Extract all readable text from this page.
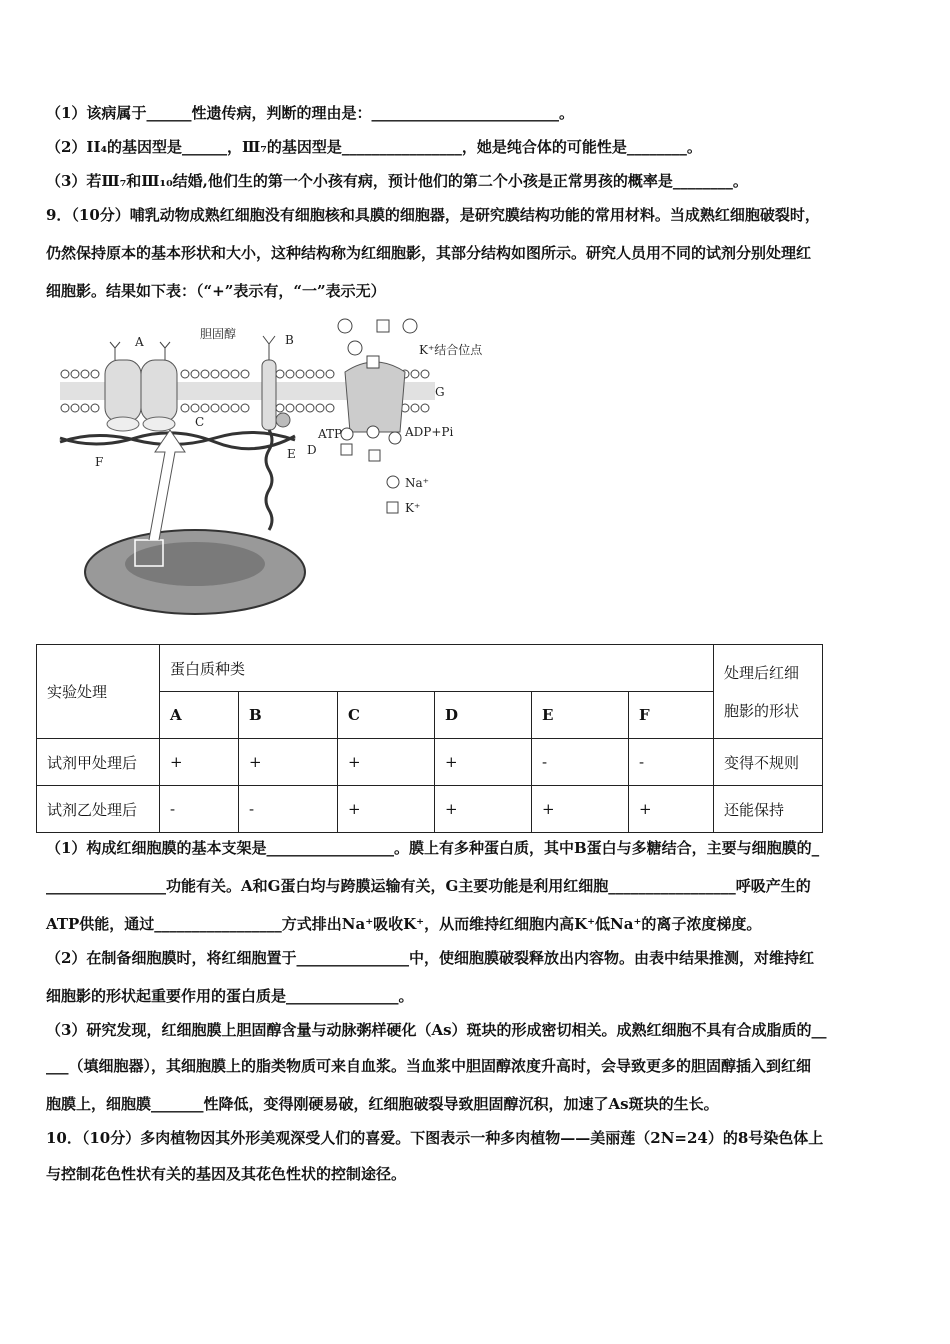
（1）该病属于______性遗传病，判断的理由是：_________________________。
（2）II₄的基因型是______，Ⅲ₇的基因型是________________，她是纯合体的可能性是________。
（3）若Ⅲ₇和Ⅲ₁₀结婚,他们生的第一个小孩有病，预计他们的第二个小孩是正常男孩的概率是________。
9．（10分）哺乳动物成熟红细胞没有细胞核和具膜的细胞器，是研究膜结构功能的常用材料。当成熟红细胞破裂时，
仍然保持原本的基本形状和大小，这种结构称为红细胞影，其部分结构如图所示。研究人员用不同的试剂分别处理红
细胞影。结果如下表：（“+”表示有，“一”表示无）
A
胆固醇	B
K⁺结合位点
G
C
ATP	ADP+Pi
F
E D
Na⁺
K⁺
实验处理	蛋白质种类						处理后红细
胞影的形状
	A	B	C	D	E	F	
试剂甲处理后	+	+	+	+	-	-	变得不规则
试剂乙处理后	-	-	+	+	+	+	还能保持
（1）构成红细胞膜的基本支架是_________________。膜上有多种蛋白质，其中B蛋白与多糖结合，主要与细胞膜的_
________________功能有关。A和G蛋白均与跨膜运输有关，G主要功能是利用红细胞_________________呼吸产生的
ATP供能，通过_________________方式排出Na⁺吸收K⁺，从而维持红细胞内高K⁺低Na⁺的离子浓度梯度。
（2）在制备细胞膜时，将红细胞置于_______________中，使细胞膜破裂释放出内容物。由表中结果推测，对维持红
细胞影的形状起重要作用的蛋白质是_______________。
（3）研究发现，红细胞膜上胆固醇含量与动脉粥样硬化（As）斑块的形成密切相关。成熟红细胞不具有合成脂质的__
___（填细胞器），其细胞膜上的脂类物质可来自血浆。当血浆中胆固醇浓度升高时，会导致更多的胆固醇插入到红细
胞膜上，细胞膜_______性降低，变得刚硬易破，红细胞破裂导致胆固醇沉积，加速了As斑块的生长。
10．（10分）多肉植物因其外形美观深受人们的喜爱。下图表示一种多肉植物——美丽莲（2N=24）的8号染色体上
与控制花色性状有关的基因及其花色性状的控制途径。
